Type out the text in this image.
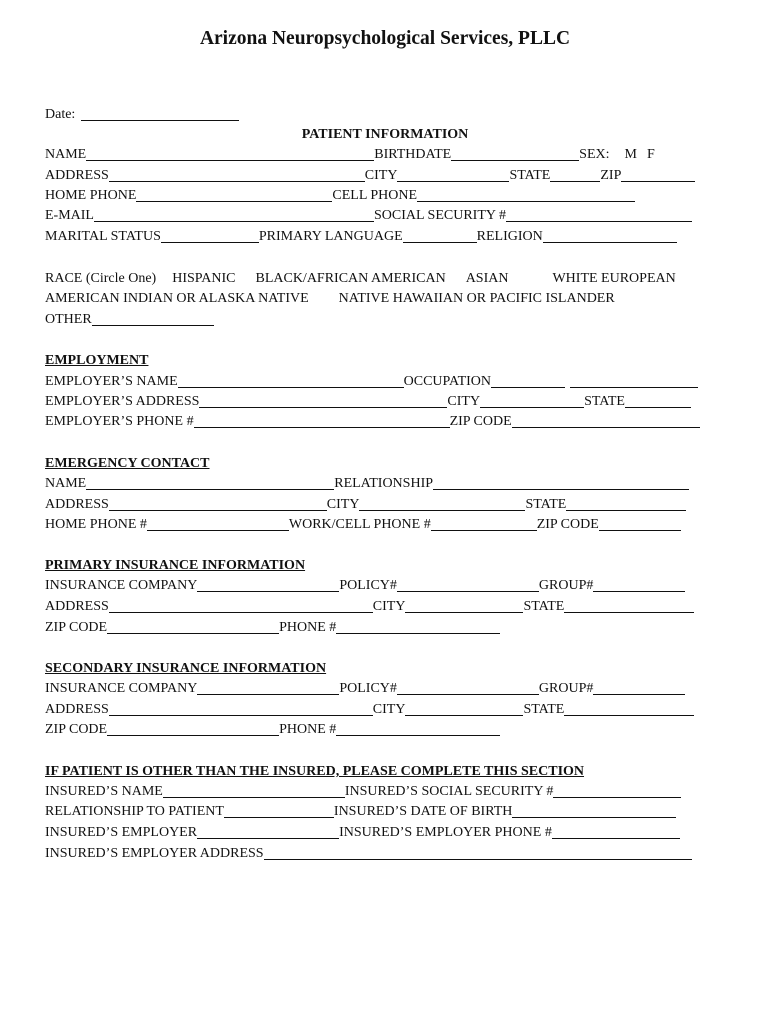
Arizona Neuropsychological Services, PLLC
Date:
PATIENT INFORMATION
NAME	BIRTHDATE	SEX: M F
ADDRESS	CITY	STATE	ZIP
HOME PHONE	CELL PHONE
E-MAIL	SOCIAL SECURITY #
MARITAL STATUS	PRIMARY LANGUAGE	RELIGION
RACE (Circle One) HISPANIC BLACK/AFRICAN AMERICAN ASIAN	WHITE EUROPEAN
AMERICAN INDIAN OR ALASKA NATIVE NATIVE HAWAIIAN OR PACIFIC ISLANDER
OTHER
EMPLOYMENT
EMPLOYER’S NAME	OCCUPATION
EMPLOYER’S ADDRESS	CITY	STATE
EMPLOYER’S PHONE #	ZIP CODE
EMERGENCY CONTACT
NAME	RELATIONSHIP
ADDRESS	CITY	STATE
HOME PHONE #	WORK/CELL PHONE #	ZIP CODE
PRIMARY INSURANCE INFORMATION
INSURANCE COMPANY	POLICY#	GROUP#
ADDRESS	CITY	STATE
ZIP CODE	PHONE #
SECONDARY INSURANCE INFORMATION
INSURANCE COMPANY	POLICY#	GROUP#
ADDRESS	CITY	STATE
ZIP CODE	PHONE #
IF PATIENT IS OTHER THAN THE INSURED, PLEASE COMPLETE THIS SECTION
INSURED’S NAME	INSURED’S SOCIAL SECURITY #
RELATIONSHIP TO PATIENT	INSURED’S DATE OF BIRTH
INSURED’S EMPLOYER	INSURED’S EMPLOYER PHONE #
INSURED’S EMPLOYER ADDRESS
